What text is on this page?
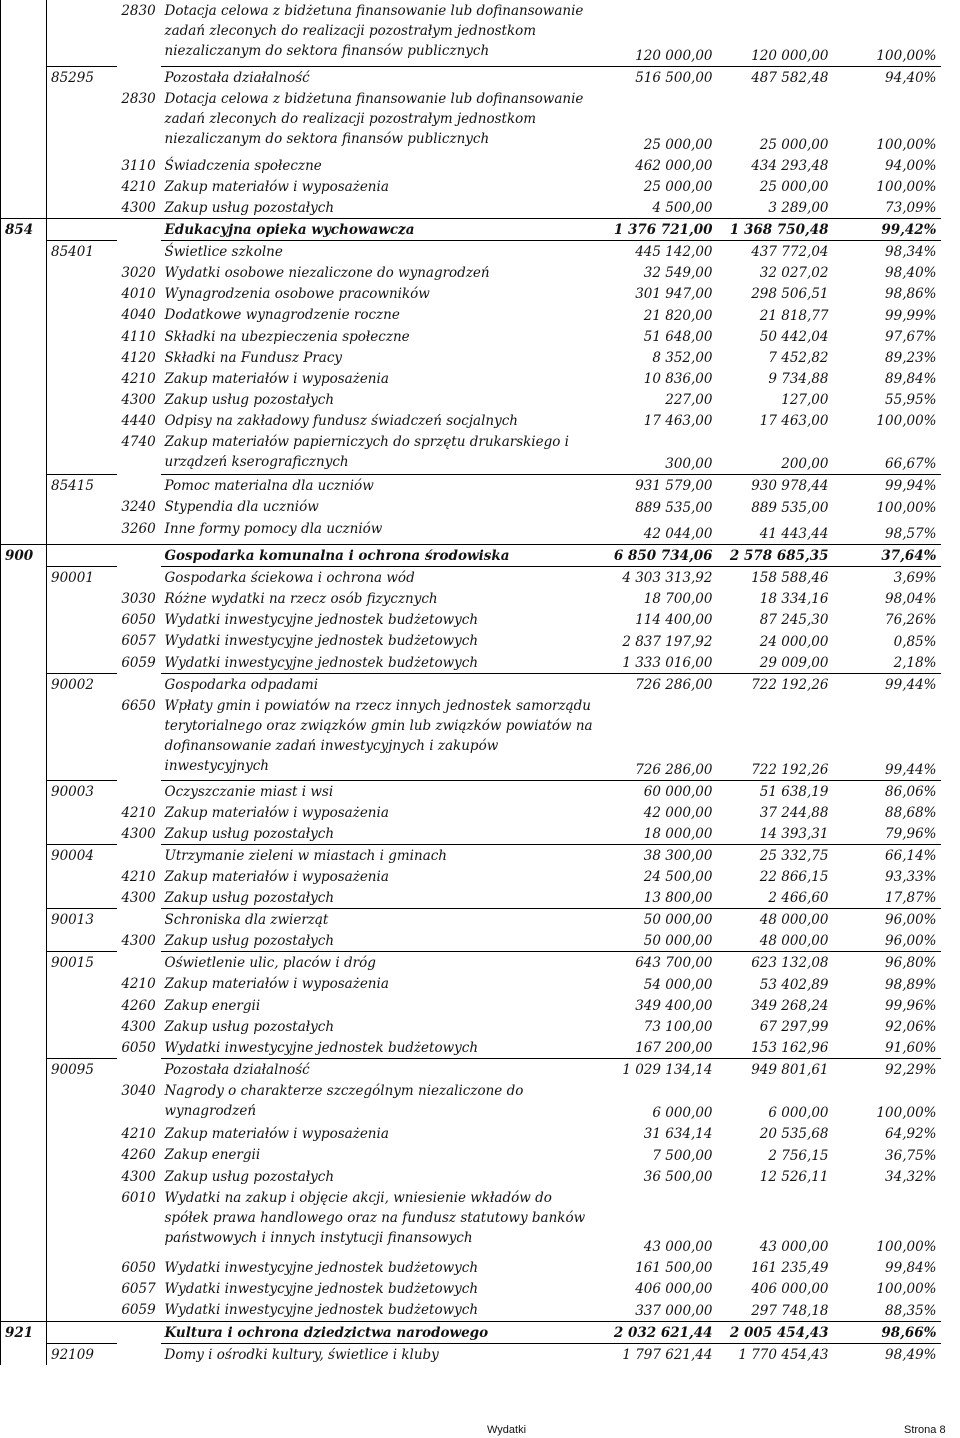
		2830	Dotacja celowa z bidżetuna finansowanie lub dofinansowanie zadań zleconych do realizacji pozostrałym jednostkom niezaliczanym do sektora finansów publicznych	120 000,00	120 000,00	100,00%
	85295		Pozostała działalność	516 500,00	487 582,48	94,40%
		2830	Dotacja celowa z bidżetuna finansowanie lub dofinansowanie zadań zleconych do realizacji pozostrałym jednostkom niezaliczanym do sektora finansów publicznych	25 000,00	25 000,00	100,00%
		3110	Świadczenia społeczne	462 000,00	434 293,48	94,00%
		4210	Zakup materiałów i wyposażenia	25 000,00	25 000,00	100,00%
		4300	Zakup usług pozostałych	4 500,00	3 289,00	73,09%
854			Edukacyjna opieka wychowawcza	1 376 721,00	1 368 750,48	99,42%
	85401		Świetlice szkolne	445 142,00	437 772,04	98,34%
		3020	Wydatki osobowe niezaliczone do wynagrodzeń	32 549,00	32 027,02	98,40%
		4010	Wynagrodzenia osobowe pracowników	301 947,00	298 506,51	98,86%
		4040	Dodatkowe wynagrodzenie roczne	21 820,00	21 818,77	99,99%
		4110	Składki na ubezpieczenia społeczne	51 648,00	50 442,04	97,67%
		4120	Składki na Fundusz Pracy	8 352,00	7 452,82	89,23%
		4210	Zakup materiałów i wyposażenia	10 836,00	9 734,88	89,84%
		4300	Zakup usług pozostałych	227,00	127,00	55,95%
		4440	Odpisy na zakładowy fundusz świadczeń socjalnych	17 463,00	17 463,00	100,00%
		4740	Zakup materiałów papierniczych do sprzętu drukarskiego i urządzeń kserograficznych	300,00	200,00	66,67%
	85415		Pomoc materialna dla uczniów	931 579,00	930 978,44	99,94%
		3240	Stypendia dla uczniów	889 535,00	889 535,00	100,00%
		3260	Inne formy pomocy dla uczniów	42 044,00	41 443,44	98,57%
900			Gospodarka komunalna i ochrona środowiska	6 850 734,06	2 578 685,35	37,64%
	90001		Gospodarka ściekowa i ochrona wód	4 303 313,92	158 588,46	3,69%
		3030	Różne wydatki na rzecz osób fizycznych	18 700,00	18 334,16	98,04%
		6050	Wydatki inwestycyjne jednostek budżetowych	114 400,00	87 245,30	76,26%
		6057	Wydatki inwestycyjne jednostek budżetowych	2 837 197,92	24 000,00	0,85%
		6059	Wydatki inwestycyjne jednostek budżetowych	1 333 016,00	29 009,00	2,18%
	90002		Gospodarka odpadami	726 286,00	722 192,26	99,44%
		6650	Wpłaty gmin i powiatów na rzecz innych jednostek samorządu terytorialnego oraz związków gmin lub związków powiatów na dofinansowanie zadań inwestycyjnych i zakupów inwestycyjnych	726 286,00	722 192,26	99,44%
	90003		Oczyszczanie miast i wsi	60 000,00	51 638,19	86,06%
		4210	Zakup materiałów i wyposażenia	42 000,00	37 244,88	88,68%
		4300	Zakup usług pozostałych	18 000,00	14 393,31	79,96%
	90004		Utrzymanie zieleni w miastach i gminach	38 300,00	25 332,75	66,14%
		4210	Zakup materiałów i wyposażenia	24 500,00	22 866,15	93,33%
		4300	Zakup usług pozostałych	13 800,00	2 466,60	17,87%
	90013		Schroniska dla zwierząt	50 000,00	48 000,00	96,00%
		4300	Zakup usług pozostałych	50 000,00	48 000,00	96,00%
	90015		Oświetlenie ulic, placów i dróg	643 700,00	623 132,08	96,80%
		4210	Zakup materiałów i wyposażenia	54 000,00	53 402,89	98,89%
		4260	Zakup energii	349 400,00	349 268,24	99,96%
		4300	Zakup usług pozostałych	73 100,00	67 297,99	92,06%
		6050	Wydatki inwestycyjne jednostek budżetowych	167 200,00	153 162,96	91,60%
	90095		Pozostała działalność	1 029 134,14	949 801,61	92,29%
		3040	Nagrody o charakterze szczególnym niezaliczone do wynagrodzeń	6 000,00	6 000,00	100,00%
		4210	Zakup materiałów i wyposażenia	31 634,14	20 535,68	64,92%
		4260	Zakup energii	7 500,00	2 756,15	36,75%
		4300	Zakup usług pozostałych	36 500,00	12 526,11	34,32%
		6010	Wydatki na zakup i objęcie akcji, wniesienie wkładów do spółek prawa handlowego oraz na fundusz statutowy banków państwowych i innych instytucji finansowych	43 000,00	43 000,00	100,00%
		6050	Wydatki inwestycyjne jednostek budżetowych	161 500,00	161 235,49	99,84%
		6057	Wydatki inwestycyjne jednostek budżetowych	406 000,00	406 000,00	100,00%
		6059	Wydatki inwestycyjne jednostek budżetowych	337 000,00	297 748,18	88,35%
921			Kultura i ochrona dziedzictwa narodowego	2 032 621,44	2 005 454,43	98,66%
	92109		Domy i ośrodki kultury, świetlice i kluby	1 797 621,44	1 770 454,43	98,49%
Wydatki	Strona 8
